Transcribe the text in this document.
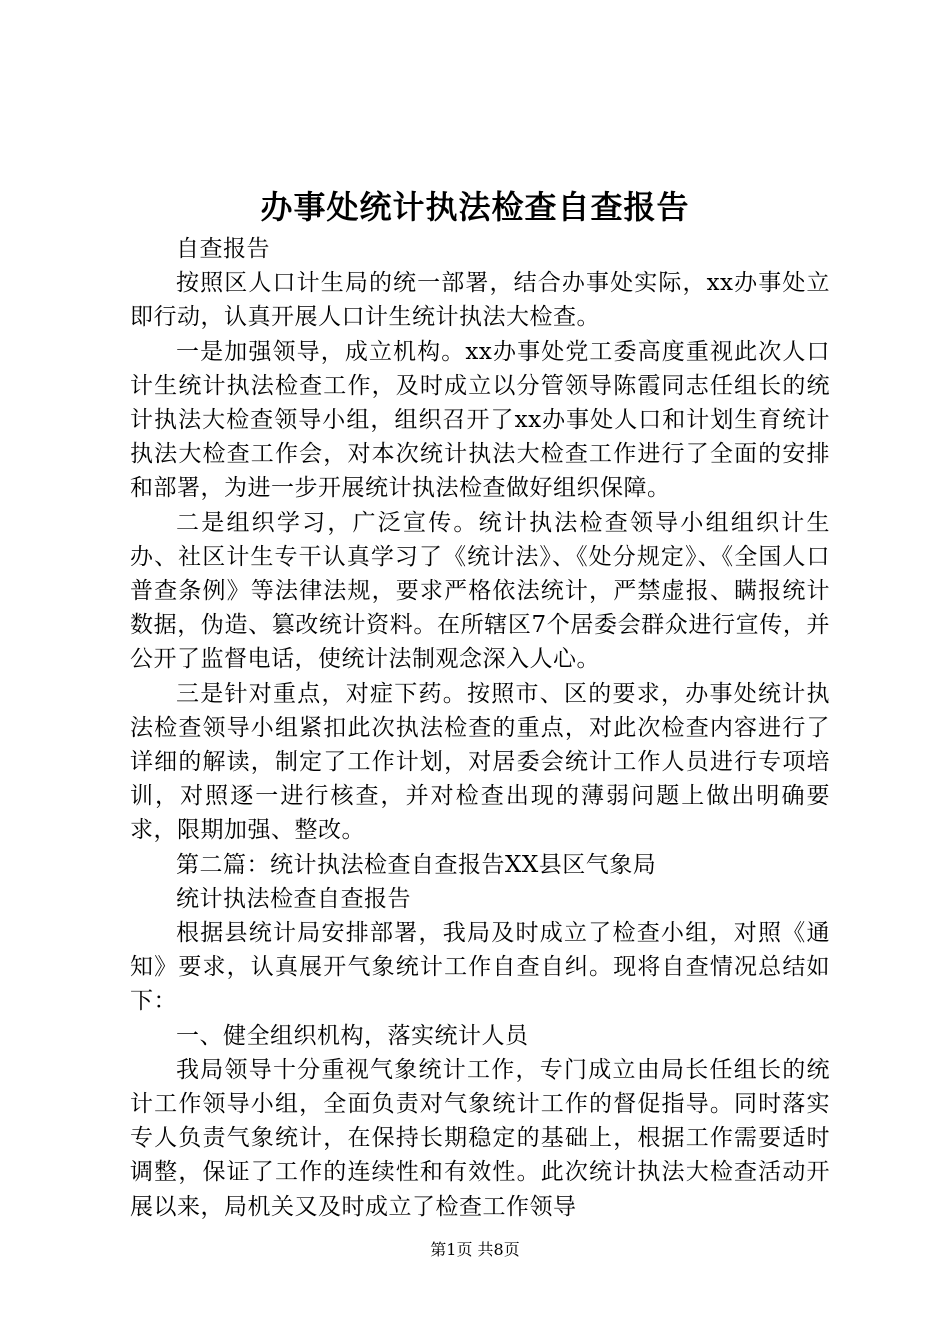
办事处统计执法检查自查报告

自查报告

按照区人口计生局的统一部署，结合办事处实际，xx办事处立即行动，认真开展人口计生统计执法大检查。

一是加强领导，成立机构。xx办事处党工委高度重视此次人口计生统计执法检查工作，及时成立以分管领导陈霞同志任组长的统计执法大检查领导小组，组织召开了xx办事处人口和计划生育统计执法大检查工作会，对本次统计执法大检查工作进行了全面的安排和部署，为进一步开展统计执法检查做好组织保障。

二是组织学习，广泛宣传。统计执法检查领导小组组织计生办、社区计生专干认真学习了《统计法》、《处分规定》、《全国人口普查条例》等法律法规，要求严格依法统计，严禁虚报、瞒报统计数据，伪造、篡改统计资料。在所辖区7个居委会群众进行宣传，并公开了监督电话，使统计法制观念深入人心。

三是针对重点，对症下药。按照市、区的要求，办事处统计执法检查领导小组紧扣此次执法检查的重点，对此次检查内容进行了详细的解读，制定了工作计划，对居委会统计工作人员进行专项培训，对照逐一进行核查，并对检查出现的薄弱问题上做出明确要求，限期加强、整改。

第二篇：统计执法检查自查报告XX县区气象局

统计执法检查自查报告

根据县统计局安排部署，我局及时成立了检查小组，对照《通知》要求，认真展开气象统计工作自查自纠。现将自查情况总结如下：

一、健全组织机构，落实统计人员

我局领导十分重视气象统计工作，专门成立由局长任组长的统计工作领导小组，全面负责对气象统计工作的督促指导。同时落实专人负责气象统计，在保持长期稳定的基础上，根据工作需要适时调整，保证了工作的连续性和有效性。此次统计执法大检查活动开展以来，局机关又及时成立了检查工作领导

第1页 共8页
